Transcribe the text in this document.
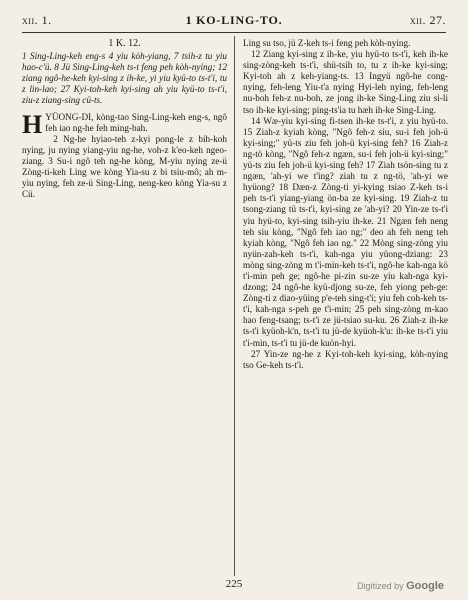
xii. 1.	1 KO-LING-TO.	xii. 27.
1 K. 12.

1 Sing-Ling-keh eng-s 4 yiu kòh-yiang, 7 tsih-z tu yiu hao-c'ü. 8 Jü Sing-Ling-keh ts-t feng peh kòh-nying; 12 ziang ngô-he-keh kyi-sing z ih-ke, yi yiu kyü-to ts-t'i, tu z lin-lao; 27 Kyi-toh-keh kyi-sing ah yiu kyü-to ts-t'i, ziu-z ziang-sing cü-ts.

H YÜONG-DI, kòng-tao Sing-Ling-keh eng-s, ngô feh iao ng-he feh ming-bah.

2 Ng-he hyiao-teh z-kyi pong-le z bih-koh nying, ju nying yiang-yiu ng-he, voh-z k'eo-keh ngeo-ziang. 3 Su-i ngô teh ng-he kòng, M-yiu nying ze-ü Zòng-ti-keh Ling we kòng Yia-su z bi tsiu-mô; ah m-yiu nying, feh ze-ü Sing-Ling, neng-keo kòng Yia-su z Cü.

Ling su tso, jü Z-keh ts-i feng peh kòh-nying.

12 Ziang kyi-sing z ih-ke, yiu hyü-to ts-t'i, keh ih-ke sing-zòng-keh ts-t'i, shü-tsih to, tu z ih-ke kyi-sing; Kyi-toh ah z keh-yiang-ts. 13 Ingyü ngô-he cong-nying, feh-leng Yiu-t'a nying Hyi-leh nying, feh-leng nu-boh feh-z nu-boh, ze jong ih-ke Sing-Ling ziu si-li tso ih-ke kyi-sing; ping-ts'ia tu hæh ih-ke Sing-Ling.

14 Wæ-yiu kyi-sing fi-tsen ih-ke ts-t'i, z yiu hyü-to. 15 Ziah-z kyiah kòng, "Ngô feh-z siu, su-i feh joh-ü kyi-sing;" yü-ts ziu feh joh-ü kyi-sing feh? 16 Ziah-z ng-tö kòng, "Ngô feh-z ngæn, su-i feh joh-ü kyi-sing;" yü-ts ziu feh joh-ü kyi-sing feh? 17 Ziah tsön-sing tu z ngæn, 'ah-yi we t'ing? ziah tu z ng-tö, 'ah-yi we hyüong? 18 Dæn-z Zòng-ti yi-kying tsiao Z-keh ts-i peh ts-t'i yiang-yiang ön-ba ze kyi-sing. 19 Ziah-z tu tsong-ziang tü ts-t'i, kyi-sing ze 'ah-yi? 20 Yin-ze ts-t'i yiu hyü-to, kyi-sing tsih-yiu ih-ke. 21 Ngæn feh neng teh siu kòng, "Ngô feh iao ng;" deo ah feh neng teh kyiah kòng, "Ngô feh iao ng." 22 Mòng sing-zòng yiu nyün-zah-keh ts-t'i, kah-nga yiu yüong-dziang: 23 mòng sing-zòng m t'i-min-keh ts-t'i, ngô-he kah-nga kö t'i-min peh ge; ngô-he pi-zin su-ze yiu kah-nga kyi-dzong; 24 ngô-he kyü-djong su-ze, feh yiong peh-ge: Zòng-ti z diao-yüing p'e-teh sing-t'i; yiu feh coh-keh ts-t'i, kah-nga s-peh ge t'i-min; 25 peh sing-zòng m-kao hao feng-tsang; ts-t'i ze jü-tsiao su-ku. 26 Ziah-z ih-ke ts-t'i kyüoh-k'n, ts-t'i tu jü-de kyüoh-k'u: ih-ke ts-t'i yiu t'i-min, ts-t'i tu jü-de kuön-hyi.

27 Yin-ze ng-he z Kyi-toh-keh kyi-sing, kòh-nying tso Ge-keh ts-t'i.

225	Digitized by Google
